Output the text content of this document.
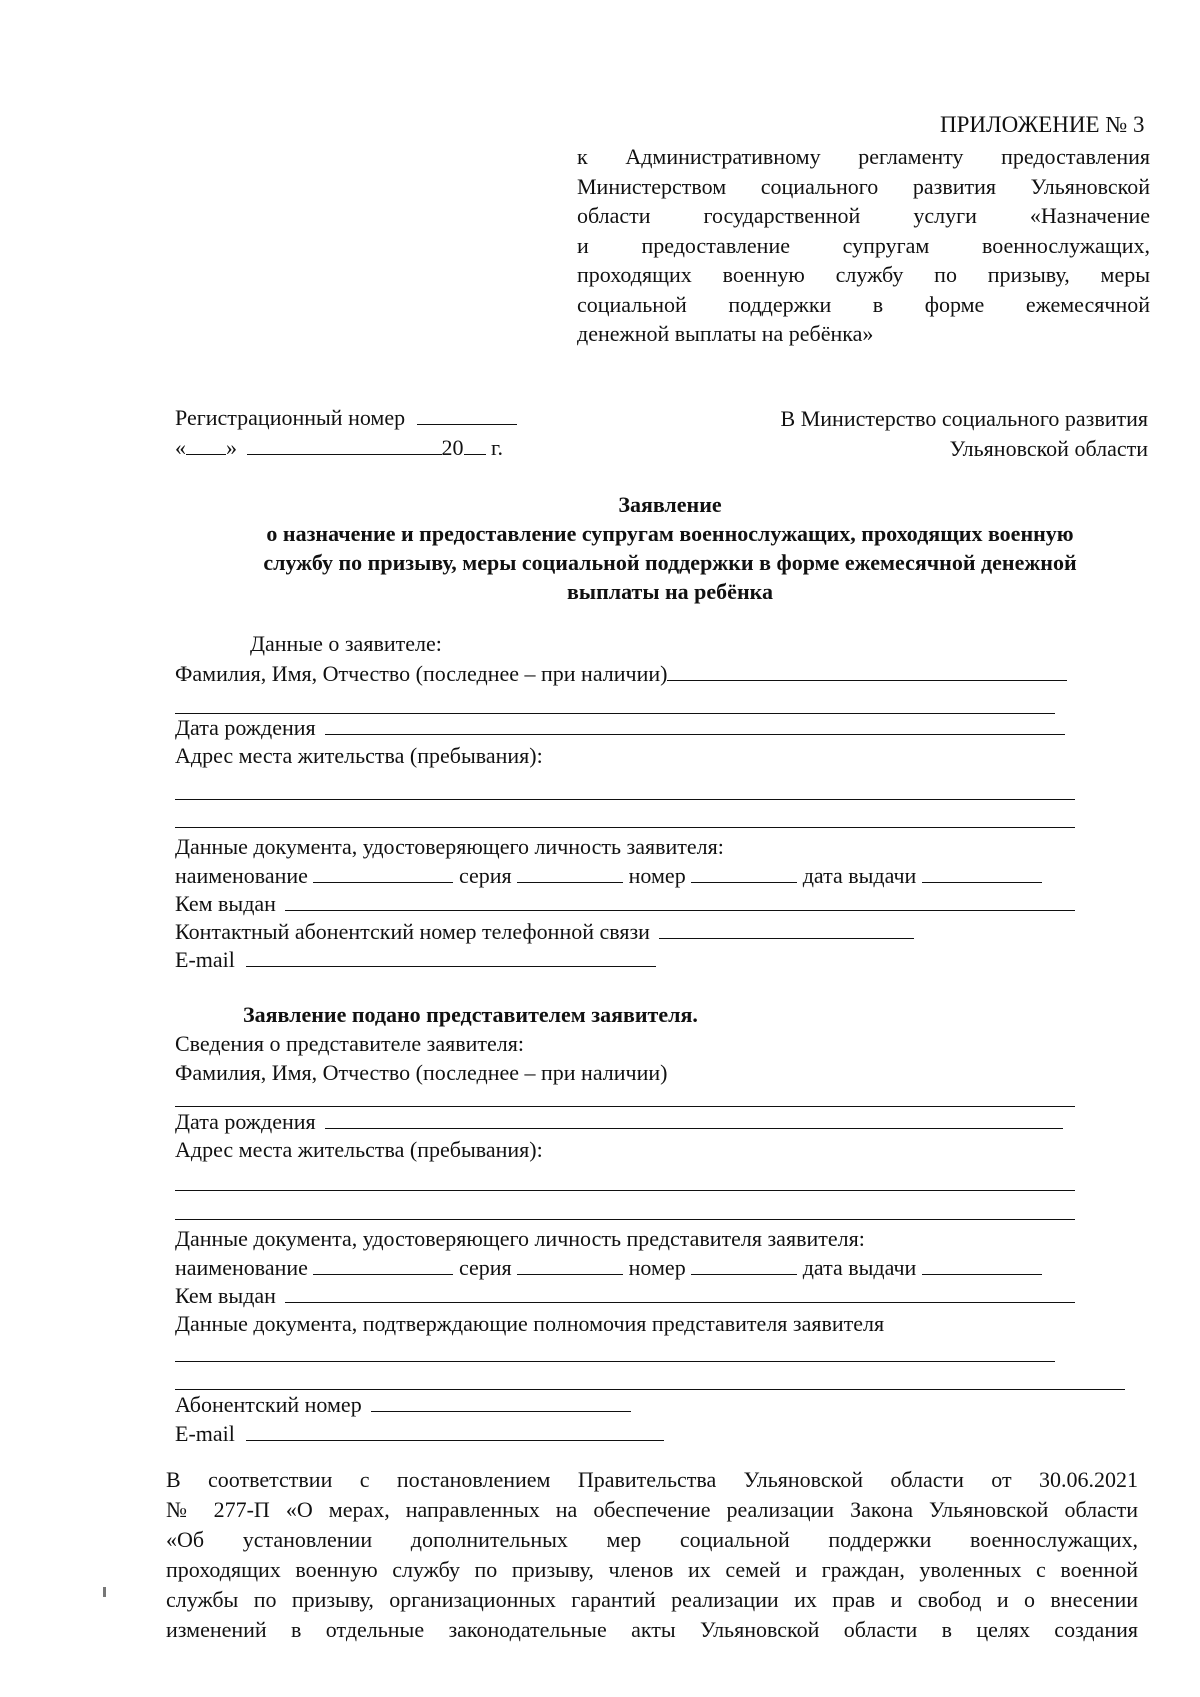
ПРИЛОЖЕНИЕ № 3
к Административному регламенту предоставления
Министерством социального развития Ульяновской
области государственной услуги «Назначение
и предоставление супругам военнослужащих,
проходящих военную службу по призыву, меры
социальной поддержки в форме ежемесячной
денежной выплаты на ребёнка»
Регистрационный номер
« »	20 г.
В Министерство социального развития
Ульяновской области
Заявление
о назначение и предоставление супругам военнослужащих, проходящих военную
службу по призыву, меры социальной поддержки в форме ежемесячной денежной
выплаты на ребёнка
Данные о заявителе:
Фамилия, Имя, Отчество (последнее – при наличии)
Дата рождения
Адрес места жительства (пребывания):
Данные документа, удостоверяющего личность заявителя:
наименование	серия	номер	дата выдачи
Кем выдан
Контактный абонентский номер телефонной связи
E-mail
Заявление подано представителем заявителя.
Сведения о представителе заявителя:
Фамилия, Имя, Отчество (последнее – при наличии)
Дата рождения
Адрес места жительства (пребывания):
Данные документа, удостоверяющего личность представителя заявителя:
наименование	серия	номер	дата выдачи
Кем выдан
Данные документа, подтверждающие полномочия представителя заявителя
Абонентский номер
E-mail
В соответствии с постановлением Правительства Ульяновской области от 30.06.2021
№ 277-П «О мерах, направленных на обеспечение реализации Закона Ульяновской области
«Об установлении дополнительных мер социальной поддержки военнослужащих,
проходящих военную службу по призыву, членов их семей и граждан, уволенных с военной
службы по призыву, организационных гарантий реализации их прав и свобод и о внесении
изменений в отдельные законодательные акты Ульяновской области в целях создания
